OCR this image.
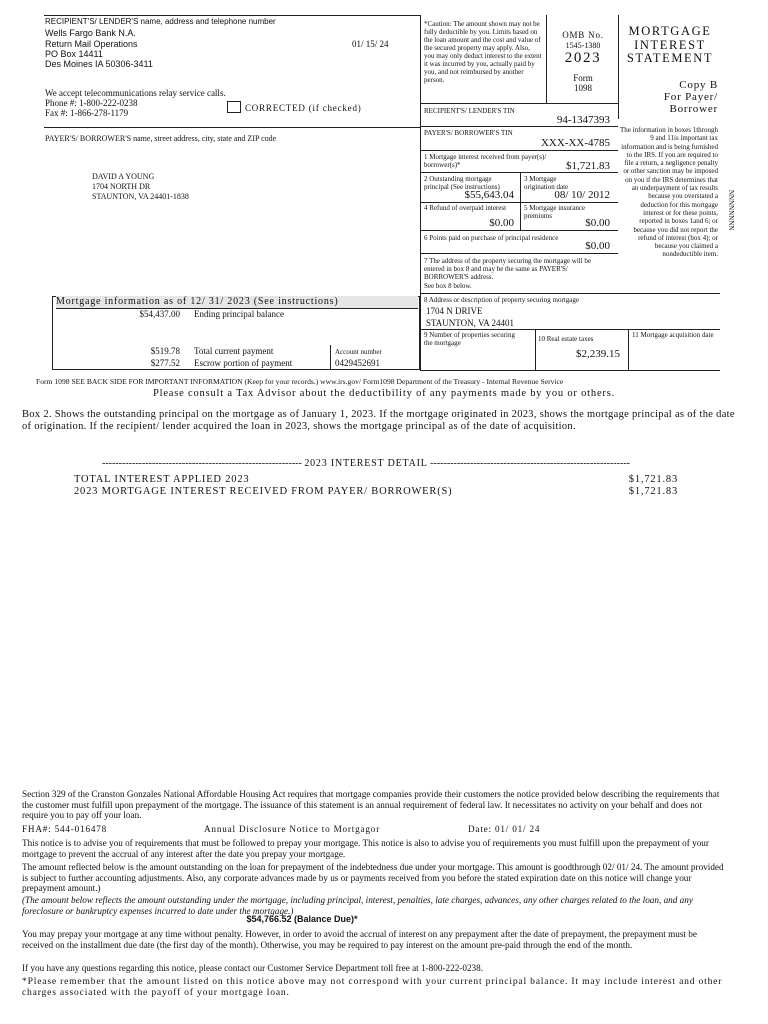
RECIPIENT'S/ LENDER'S name, address and telephone number
Wells Fargo Bank N.A.
Return Mail Operations
PO Box 14411
Des Moines IA 50306-3411
01/ 15/ 24
We accept telecommunications relay service calls.
Phone #: 1-800-222-0238
Fax #: 1-866-278-1179	CORRECTED (if checked)
PAYER'S/ BORROWER'S name, street address, city, state and ZIP code
DAVID A YOUNG
1704 NORTH DR
STAUNTON, VA 24401-1838
*Caution: The amount shown may not be fully deductible by you. Limits based on the loan amount and the cost and value of the secured property may apply. Also, you may only deduct interest to the extent it was incurred by you, actually paid by you, and not reimbursed by another person.
OMB No.
1545-1380
2023
Form
1098
MORTGAGE
INTEREST
STATEMENT
Copy B
For Payer/
Borrower
The information in boxes 1through 9 and 11is important tax information and is being furnished to the IRS. If you are required to file a return, a negligence penalty or other sanction may be imposed on you if the IRS determines that an underpayment of tax results because you overstated a deduction for this mortgage interest or for these points, reported in boxes 1and 6; or because you did not report the refund of interest (box 4); or because you claimed a nondeductible item.
NNNNNNNN
RECIPIENT'S/ LENDER'S TIN
94-1347393
PAYER'S/ BORROWER'S TIN
XXX-XX-4785
1 Mortgage interest received from payer(s)/ borrower(s)*	$1,721.83
2 Outstanding mortgage principal (See instructions)
$55,643.04
3 Mortgage origination date
08/ 10/ 2012
4 Refund of overpaid interest
$0.00
5 Mortgage insurance premiums
$0.00
6 Points paid on purchase of principal residence
$0.00
7 The address of the property securing the mortgage will be entered in box 8 and may be the same as PAYER'S/ BORROWER'S address.
See box 8 below.
Mortgage information as of 12/ 31/ 2023 (See instructions)
$54,437.00 Ending principal balance
$519.78 Total current payment
$277.52 Escrow portion of payment
Account number
0429452691
8 Address or description of property securing mortgage
1704 N DRIVE
STAUNTON, VA 24401
9 Number of properties securing the mortgage	10 Real estate taxes
$2,239.15
11 Mortgage acquisition date
Form 1098 SEE BACK SIDE FOR IMPORTANT INFORMATION (Keep for your records.) www.irs.gov/ Form1098 Department of the Treasury - Internal Revenue Service
Please consult a Tax Advisor about the deductibility of any payments made by you or others.
Box 2. Shows the outstanding principal on the mortgage as of January 1, 2023. If the mortgage originated in 2023, shows the mortgage principal as of the date of origination. If the recipient/ lender acquired the loan in 2023, shows the mortgage principal as of the date of acquisition.
------------------------------------------------------------ 2023 INTEREST DETAIL ------------------------------------------------------------
TOTAL INTEREST APPLIED 2023	$1,721.83
2023 MORTGAGE INTEREST RECEIVED FROM PAYER/ BORROWER(S)	$1,721.83
Section 329 of the Cranston Gonzales National Affordable Housing Act requires that mortgage companies provide their customers the notice provided below describing the requirements that the customer must fulfill upon prepayment of the mortgage. The issuance of this statement is an annual requirement of federal law. It necessitates no activity on your behalf and does not require you to pay off your loan.
FHA#: 544-016478	Annual Disclosure Notice to Mortgagor	Date: 01/ 01/ 24
This notice is to advise you of requirements that must be followed to prepay your mortgage. This notice is also to advise you of requirements you must fulfill upon the prepayment of your mortgage to prevent the accrual of any interest after the date you prepay your mortgage.
The amount reflected below is the amount outstanding on the loan for prepayment of the indebtedness due under your mortgage. This amount is goodthrough 02/ 01/ 24. The amount provided is subject to further accounting adjustments. Also, any corporate advances made by us or payments received from you before the stated expiration date on this notice will change your prepayment amount.)
(The amount below reflects the amount outstanding under the mortgage, including principal, interest, penalties, late charges, advances, any other charges related to the loan, and any foreclosure or bankruptcy expenses incurred to date under the mortgage.)
$54,766.52 (Balance Due)*
You may prepay your mortgage at any time without penalty. However, in order to avoid the accrual of interest on any prepayment after the date of prepayment, the prepayment must be received on the installment due date (the first day of the month). Otherwise, you may be required to pay interest on the amount pre-paid through the end of the month.
If you have any questions regarding this notice, please contact our Customer Service Department toll free at 1-800-222-0238.
*Please remember that the amount listed on this notice above may not correspond with your current principal balance. It may include interest and other charges associated with the payoff of your mortgage loan.
